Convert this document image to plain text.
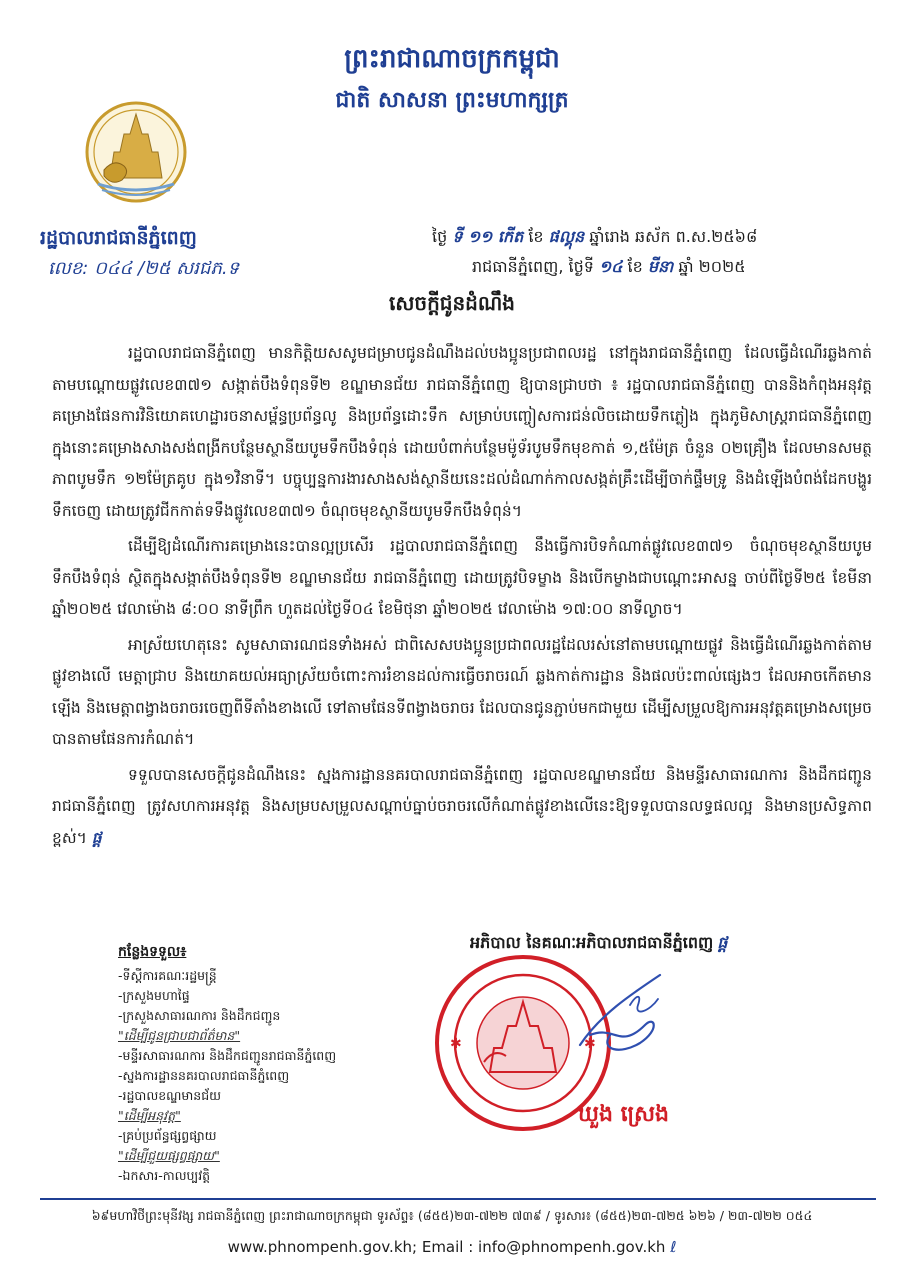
ព្រះរាជាណាចក្រកម្ពុជា
ជាតិ សាសនា ព្រះមហាក្សត្រ
រដ្ឋបាលរាជធានីភ្នំពេញ
លេខ: ០៤៤ /២៥ សរជភ.ទ
ថ្ងៃ ទី ១១ កើត ខែ ផល្គុន ឆ្នាំរោង ឆស័ក ព.ស.២៥៦៨
រាជធានីភ្នំពេញ, ថ្ងៃទី ១៤ ខែ មីនា ឆ្នាំ ២០២៥
សេចក្តីជូនដំណឹង

រដ្ឋបាលរាជធានីភ្នំពេញ មានកិត្តិយសសូមជម្រាបជូនដំណឹងដល់បងប្អូនប្រជាពលរដ្ឋ នៅក្នុងរាជធានីភ្នំពេញ ដែលធ្វើដំណើរឆ្លងកាត់តាមបណ្តោយផ្លូវលេខ៣៧១ សង្កាត់បឹងទំពុនទី២ ខណ្ឌមានជ័យ រាជធានីភ្នំពេញ ឱ្យបានជ្រាបថា ៖ រដ្ឋបាលរាជធានីភ្នំពេញ បាននិងកំពុងអនុវត្តគម្រោងផែនការវិនិយោគហេដ្ឋារចនាសម្ព័ន្ធប្រព័ន្ធលូ និងប្រព័ន្ធដោះទឹក សម្រាប់បញ្ចៀសការជន់លិចដោយទឹកភ្លៀង ក្នុងភូមិសាស្ត្ររាជធានីភ្នំពេញ ក្នុងនោះគម្រោងសាងសង់ពង្រីកបន្ថែមស្ថានីយបូមទឹកបឹងទំពុន់ ដោយបំពាក់បន្ថែមម៉ូទ័របូមទឹកមុខកាត់ ១,៥ម៉ែត្រ ចំនួន ០២គ្រឿង ដែលមានសមត្ថភាពបូមទឹក ១២ម៉ែត្រគូប ក្នុង១វិនាទី។ បច្ចុប្បន្នការងារសាងសង់ស្ថានីយនេះដល់ដំណាក់កាលសង្កត់គ្រឹះដើម្បីចាក់ផ្ទឹមទ្រូ និងដំឡើងបំពង់ដែកបង្ហូរទឹកចេញ ដោយត្រូវជីកកាត់ទទឹងផ្លូវលេខ៣៧១ ចំណុចមុខស្ថានីយបូមទឹកបឹងទំពុន់។

ដើម្បីឱ្យដំណើរការគម្រោងនេះបានល្អប្រសើរ រដ្ឋបាលរាជធានីភ្នំពេញ នឹងធ្វើការបិទកំណាត់ផ្លូវលេខ៣៧១ ចំណុចមុខស្ថានីយបូមទឹកបឹងទំពុន់ ស្ថិតក្នុងសង្កាត់បឹងទំពុនទី២ ខណ្ឌមានជ័យ រាជធានីភ្នំពេញ ដោយត្រូវបិទម្ខាង និងបើកម្ខាងជាបណ្តោះអាសន្ន ចាប់ពីថ្ងៃទី២៥ ខែមីនា ឆ្នាំ២០២៥ វេលាម៉ោង ៨:០០ នាទីព្រឹក ហួតដល់ថ្ងៃទី០៤ ខែមិថុនា ឆ្នាំ២០២៥ វេលាម៉ោង ១៧:០០ នាទីល្ងាច។

អាស្រ័យហេតុនេះ សូមសាធារណជនទាំងអស់ ជាពិសេសបងប្អូនប្រជាពលរដ្ឋដែលរស់នៅតាមបណ្តោយផ្លូវ និងធ្វើដំណើរឆ្លងកាត់តាមផ្លូវខាងលើ មេត្តាជ្រាប និងយោគយល់អធ្យាស្រ័យចំពោះការរំខានដល់ការធ្វើចរាចរណ៍ ឆ្លងកាត់ការដ្ឋាន និងផលប៉ះពាល់ផ្សេងៗ ដែលអាចកើតមានឡើង និងមេត្តាពង្វាងចរាចរចេញពីទីតាំងខាងលើ ទៅតាមផែនទីពង្វាងចរាចរ ដែលបានជូនភ្ជាប់មកជាមួយ ដើម្បីសម្រួលឱ្យការអនុវត្តគម្រោងសម្រេចបានតាមផែនការកំណត់។

ទទួលបានសេចក្តីជូនដំណឹងនេះ ស្នងការដ្ឋាននគរបាលរាជធានីភ្នំពេញ រដ្ឋបាលខណ្ឌមានជ័យ និងមន្ទីរសាធារណការ និងដឹកជញ្ជូនរាជធានីភ្នំពេញ ត្រូវសហការអនុវត្ត និងសម្របសម្រួលសណ្តាប់ធ្នាប់ចរាចរលើកំណាត់ផ្លូវខាងលើនេះឱ្យទទួលបានលទ្ធផលល្អ និងមានប្រសិទ្ធភាពខ្ពស់។ ផ្ត

អភិបាល នៃគណៈអភិបាលរាជធានីភ្នំពេញ ផ្ត
✱	✱
ឃួង ស្រេង
កន្លែងទទួល៖
-ទីស្តីការគណៈរដ្ឋមន្ត្រី
-ក្រសួងមហាផ្ទៃ
-ក្រសួងសាធារណការ និងដឹកជញ្ជូន
"ដើម្បីជូនជ្រាបជាព័ត៌មាន"
-មន្ទីរសាធារណការ និងដឹកជញ្ជូនរាជធានីភ្នំពេញ
-ស្នងការដ្ឋាននគរបាលរាជធានីភ្នំពេញ
-រដ្ឋបាលខណ្ឌមានជ័យ
"ដើម្បីអនុវត្ត"
-គ្រប់ប្រព័ន្ធផ្សព្វផ្សាយ
"ដើម្បីជួយផ្សព្វផ្សាយ"
-ឯកសារ-កាលប្បវត្តិ
៦៩មហាវិថីព្រះមុនីវង្ស រាជធានីភ្នំពេញ ព្រះរាជាណាចក្រកម្ពុជា ទូរស័ព្ទ៖ (៨៥៥)២៣-៧២២ ៧៣៩ / ទូរសារ៖ (៨៥៥)២៣-៧២៥ ៦២៦ / ២៣-៧២២ ០៥៤
www.phnompenh.gov.kh; Email : info@phnompenh.gov.kh ℓ
